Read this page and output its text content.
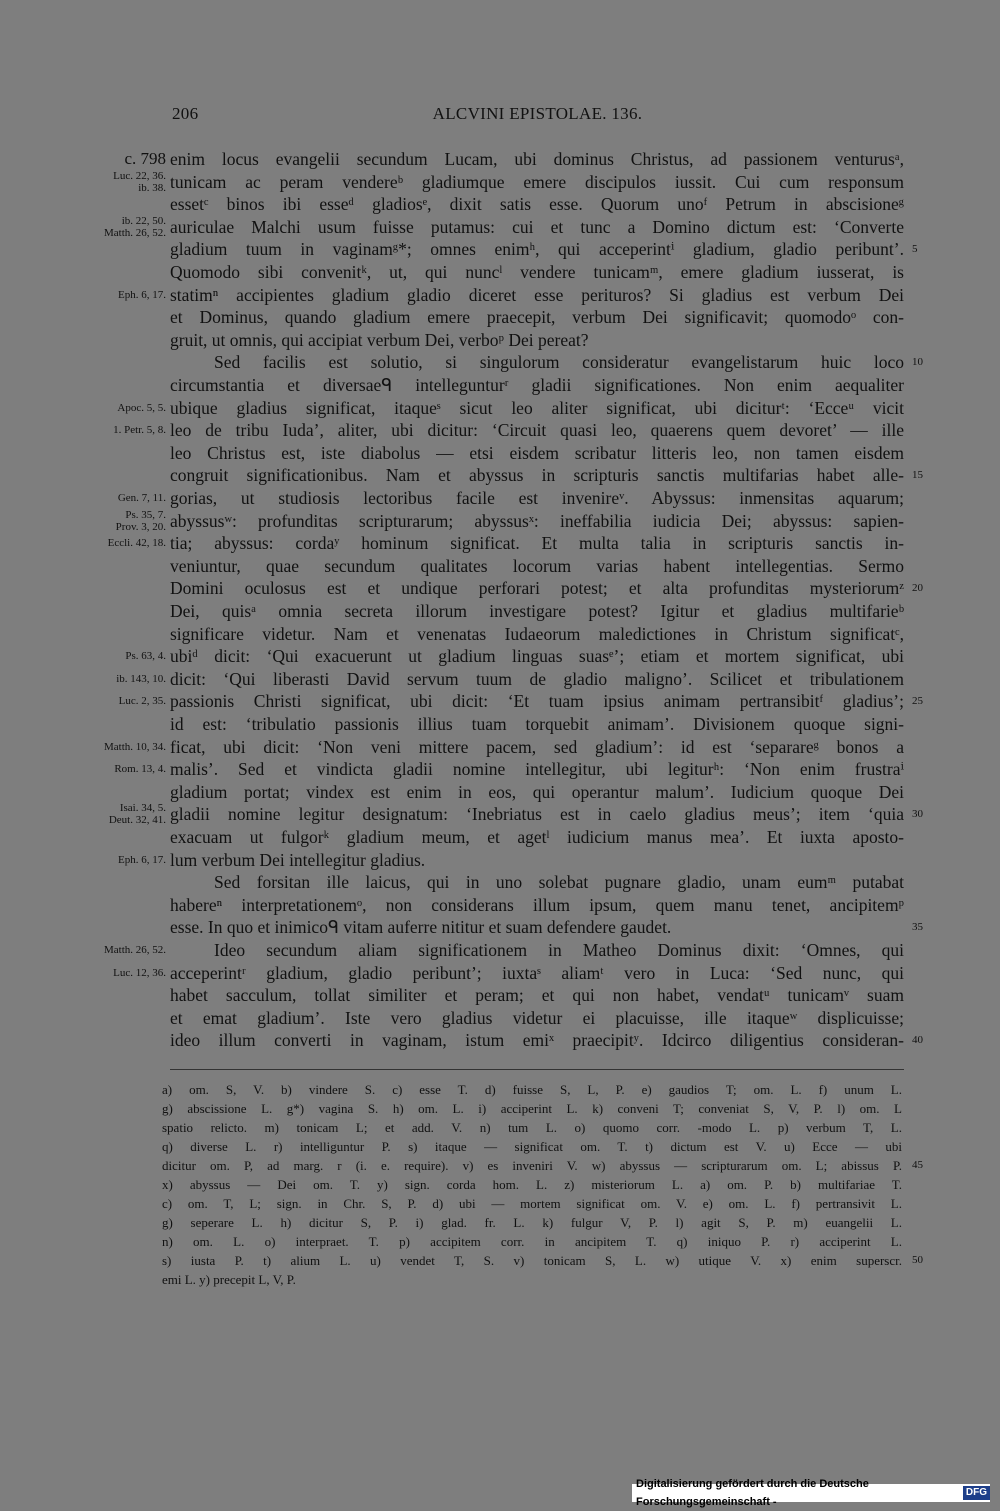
206	ALCVINI EPISTOLAE. 136.
c. 798 enim locus evangelii secundum Lucam, ubi dominus Christus, ad passionem venturusᵃ,
Luc. 22, 36.
ib. 38. tunicam ac peram vendereᵇ gladiumque emere discipulos iussit. Cui cum responsum
essetᶜ binos ibi esseᵈ gladiosᵉ, dixit satis esse. Quorum unoᶠ Petrum in abscisioneᵍ
ib. 22, 50.
Matth. 26, 52. auriculae Malchi usum fuisse putamus: cui et tunc a Domino dictum est: ‘Converte
gladium tuum in vaginamᵍ*; omnes enimʰ, qui acceperintⁱ gladium, gladio peribunt’. 5
Quomodo sibi convenitᵏ, ut, qui nuncˡ vendere tunicamᵐ, emere gladium iusserat, is
Eph. 6, 17. statimⁿ accipientes gladium gladio diceret esse perituros? Si gladius est verbum Dei
et Dominus, quando gladium emere praecepit, verbum Dei significavit; quomodoᵒ con-
gruit, ut omnis, qui accipiat verbum Dei, verboᵖ Dei pereat?
Sed facilis est solutio, si singulorum consideratur evangelistarum huic loco 10
circumstantia et diversaeᑫ intellegunturʳ gladii significationes. Non enim aequaliter
Apoc. 5, 5. ubique gladius significat, itaqueˢ sicut leo aliter significat, ubi diciturᵗ: ‘Ecceᵘ vicit
1. Petr. 5, 8. leo de tribu Iuda’, aliter, ubi dicitur: ‘Circuit quasi leo, quaerens quem devoret’ — ille
leo Christus est, iste diabolus — etsi eisdem scribatur litteris leo, non tamen eisdem
congruit significationibus. Nam et abyssus in scripturis sanctis multifarias habet alle- 15
Gen. 7, 11. gorias, ut studiosis lectoribus facile est invenireᵛ. Abyssus: inmensitas aquarum;
Ps. 35, 7.
Prov. 3, 20. abyssusʷ: profunditas scripturarum; abyssusˣ: ineffabilia iudicia Dei; abyssus: sapien-
Eccli. 42, 18. tia; abyssus: cordaʸ hominum significat. Et multa talia in scripturis sanctis in-
veniuntur, quae secundum qualitates locorum varias habent intellegentias. Sermo
Domini oculosus est et undique perforari potest; et alta profunditas mysteriorumᶻ 20
Dei, quisᵃ omnia secreta illorum investigare potest? Igitur et gladius multifarieᵇ
significare videtur. Nam et venenatas Iudaeorum maledictiones in Christum significatᶜ,
Ps. 63, 4. ubiᵈ dicit: ‘Qui exacuerunt ut gladium linguas suasᵉ’; etiam et mortem significat, ubi
ib. 143, 10. dicit: ‘Qui liberasti David servum tuum de gladio maligno’. Scilicet et tribulationem
Luc. 2, 35. passionis Christi significat, ubi dicit: ‘Et tuam ipsius animam pertransibitᶠ gladius’; 25
id est: ‘tribulatio passionis illius tuam torquebit animam’. Divisionem quoque signi-
Matth. 10, 34. ficat, ubi dicit: ‘Non veni mittere pacem, sed gladium’: id est ‘separareᵍ bonos a
Rom. 13, 4. malis’. Sed et vindicta gladii nomine intellegitur, ubi legiturʰ: ‘Non enim frustraⁱ
gladium portat; vindex est enim in eos, qui operantur malum’. Iudicium quoque Dei
Isai. 34, 5.
Deut. 32, 41. gladii nomine legitur designatum: ‘Inebriatus est in caelo gladius meus’; item ‘quia 30
exacuam ut fulgorᵏ gladium meum, et agetˡ iudicium manus mea’. Et iuxta aposto-
Eph. 6, 17. lum verbum Dei intellegitur gladius.
Sed forsitan ille laicus, qui in uno solebat pugnare gladio, unam eumᵐ putabat
habereⁿ interpretationemᵒ, non considerans illum ipsum, quem manu tenet, ancipitemᵖ
esse. In quo et inimicoᑫ vitam auferre nititur et suam defendere gaudet.	35
Matth. 26, 52.	Ideo secundum aliam significationem in Matheo Dominus dixit: ‘Omnes, qui
Luc. 12, 36. acceperintʳ gladium, gladio peribunt’; iuxtaˢ aliamᵗ vero in Luca: ‘Sed nunc, qui
habet sacculum, tollat similiter et peram; et qui non habet, vendatᵘ tunicamᵛ suam
et emat gladium’. Iste vero gladius videtur ei placuisse, ille itaqueʷ displicuisse;
ideo illum converti in vaginam, istum emiˣ praecipitʸ. Idcirco diligentius consideran- 40
a) om. S, V. b) vindere S. c) esse T. d) fuisse S, L, P. e) gaudios T; om. L. f) unum L.
g) abscissione L. g*) vagina S. h) om. L. i) acciperint L. k) conveni T; conveniat S, V, P. l) om. L
spatio relicto. m) tonicam L; et add. V. n) tum L. o) quomo corr. -modo L. p) verbum T, L.
q) diverse L. r) intelliguntur P. s) itaque — significat om. T. t) dictum est V. u) Ecce — ubi
dicitur om. P, ad marg. r (i. e. require). v) es inveniri V. w) abyssus — scripturarum om. L; abissus P. 45
x) abyssus — Dei om. T. y) sign. corda hom. L. z) misteriorum L. a) om. P. b) multifariae T.
c) om. T, L; sign. in Chr. S, P. d) ubi — mortem significat om. V. e) om. L. f) pertransivit L.
g) seperare L. h) dicitur S, P. i) glad. fr. L. k) fulgur V, P. l) agit S, P. m) euangelii L.
n) om. L. o) interpraet. T. p) accipitem corr. in ancipitem T. q) iniquo P. r) acciperint L.
s) iusta P. t) alium L. u) vendet T, S. v) tonicam S, L. w) utique V. x) enim superscr. 50
emi L. y) precepit L, V, P.
Digitalisierung gefördert durch die Deutsche Forschungsgemeinschaft -
DFG
